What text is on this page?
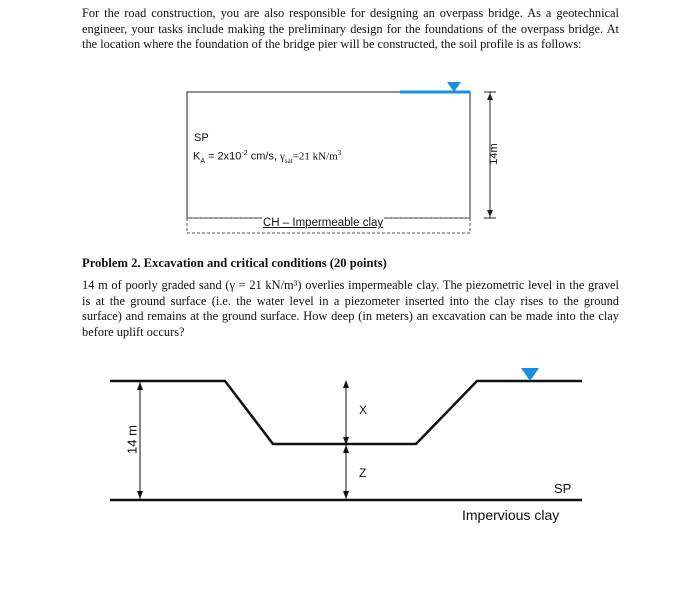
For the road construction, you are also responsible for designing an overpass bridge. As a geotechnical engineer, your tasks include making the preliminary design for the foundations of the overpass bridge. At the location where the foundation of the bridge pier will be constructed, the soil profile is as follows:
SP
$K_A = 2x10^{-2}$ cm/s, $\gamma_{sat}=21$ $kN/m^3$
CH – Impermeable clay
14m
Problem 2. Excavation and critical conditions (20 points)
14 m of poorly graded sand (γ = 21 kN/m³) overlies impermeable clay. The piezometric level in the gravel is at the ground surface (i.e. the water level in a piezometer inserted into the clay rises to the ground surface) and remains at the ground surface. How deep (in meters) an excavation can be made into the clay before uplift occurs?
14 m
X
Z
SP
Impervious clay
